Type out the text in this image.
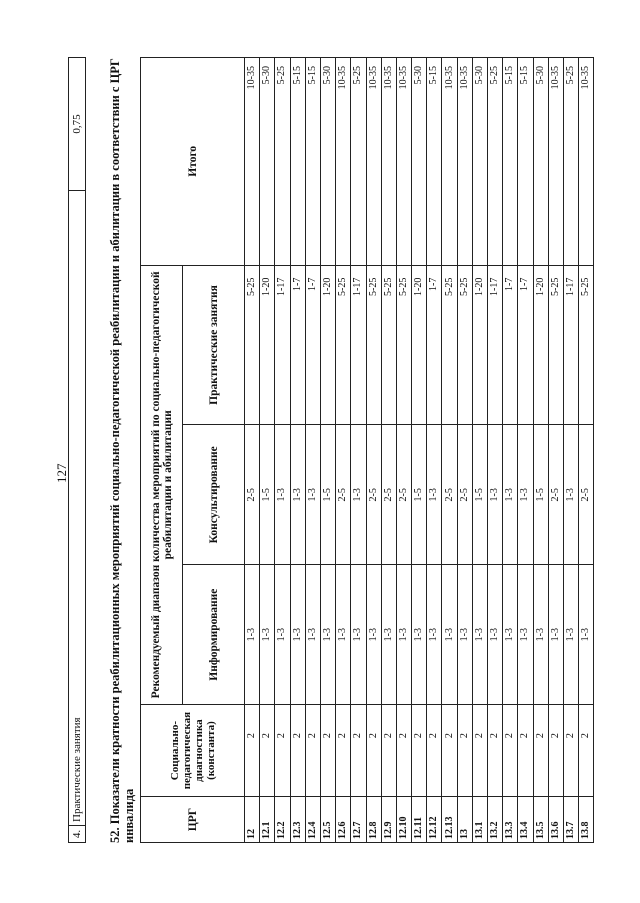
127
4.	Практические занятия	0,75 52. Показатели кратности реабилитационных мероприятий социально-педагогической реабилитации и абилитации в соответствии с ЦРГ инвалида	ЦРГ	Социально-педагогическая диагностика (константа)	Рекомендуемый диапазон количества мероприятий по социально-педагогической реабилитации и абилитации			Итого
		Информирование	Консультирование	Практические занятия	
12	2	1-3	2-5	5-25	10-35
12.1	2	1-3	1-5	1-20	5-30
12.2	2	1-3	1-3	1-17	5-25
12.3	2	1-3	1-3	1-7	5-15
12.4	2	1-3	1-3	1-7	5-15
12.5	2	1-3	1-5	1-20	5-30
12.6	2	1-3	2-5	5-25	10-35
12.7	2	1-3	1-3	1-17	5-25
12.8	2	1-3	2-5	5-25	10-35
12.9	2	1-3	2-5	5-25	10-35
12.10	2	1-3	2-5	5-25	10-35
12.11	2	1-3	1-5	1-20	5-30
12.12	2	1-3	1-3	1-7	5-15
12.13	2	1-3	2-5	5-25	10-35
13	2	1-3	2-5	5-25	10-35
13.1	2	1-3	1-5	1-20	5-30
13.2	2	1-3	1-3	1-17	5-25
13.3	2	1-3	1-3	1-7	5-15
13.4	2	1-3	1-3	1-7	5-15
13.5	2	1-3	1-5	1-20	5-30
13.6	2	1-3	2-5	5-25	10-35
13.7	2	1-3	1-3	1-17	5-25
13.8	2	1-3	2-5	5-25	10-35
